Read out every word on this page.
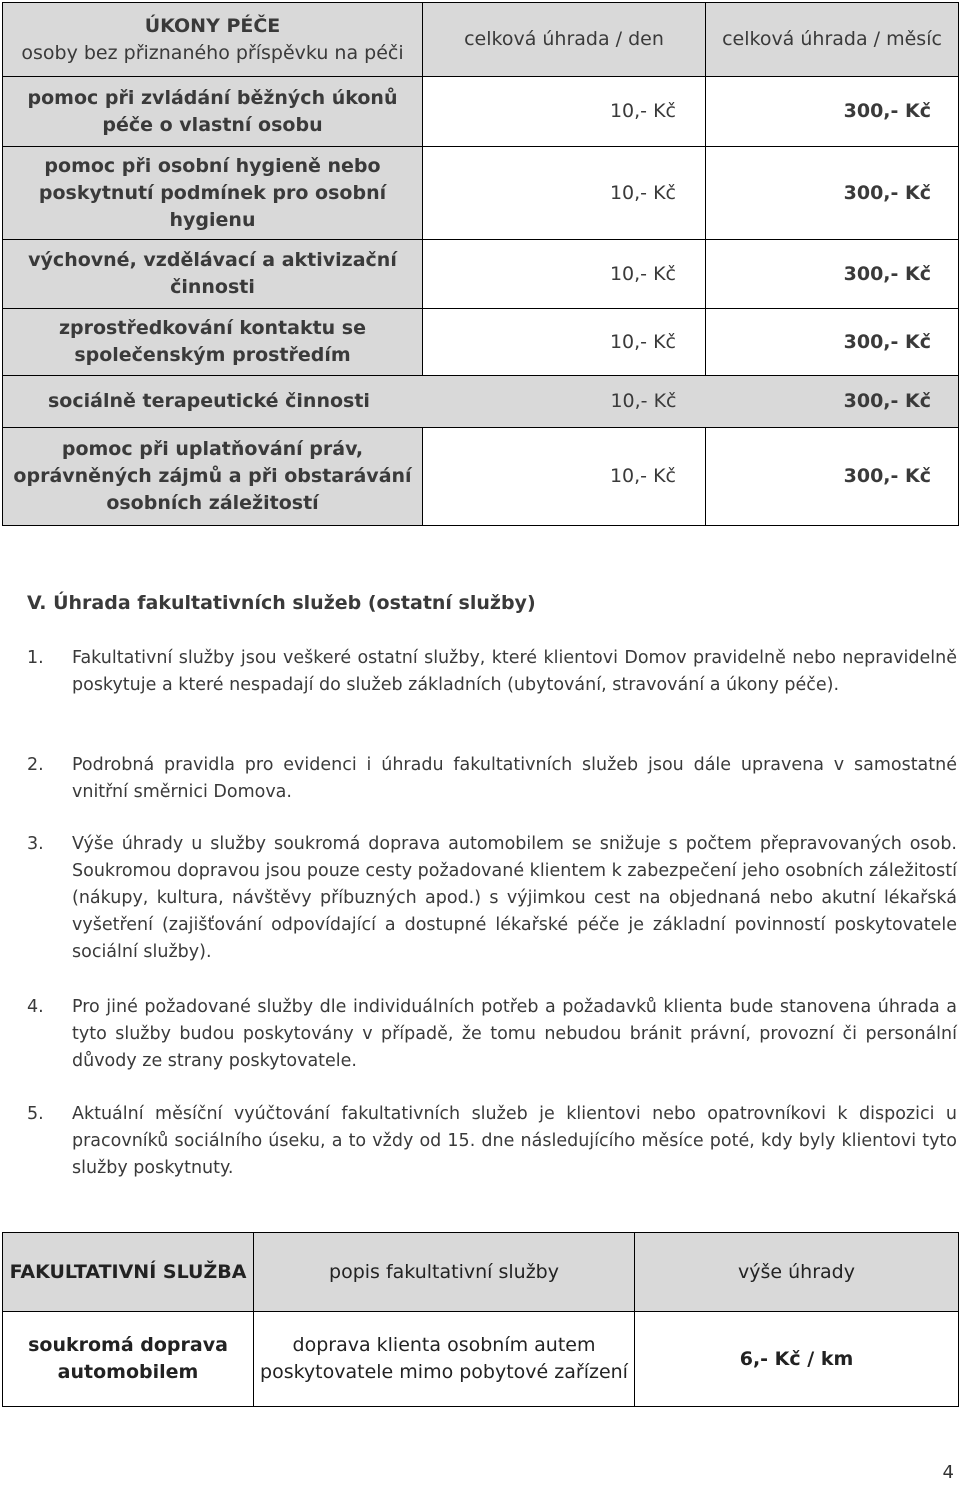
ÚKONY PÉČE
osoby bez přiznaného příspěvku na péči	celková úhrada / den	celková úhrada / měsíc
pomoc při zvládání běžných úkonů péče o vlastní osobu	10,- Kč	300,- Kč
pomoc při osobní hygieně nebo poskytnutí podmínek pro osobní hygienu	10,- Kč	300,- Kč
výchovné, vzdělávací a aktivizační činnosti	10,- Kč	300,- Kč
zprostředkování kontaktu se společenským prostředím	10,- Kč	300,- Kč
sociálně terapeutické činnosti	10,- Kč	300,- Kč
pomoc při uplatňování práv, oprávněných zájmů a při obstarávání osobních záležitostí	10,- Kč	300,- Kč
V. Úhrada fakultativních služeb (ostatní služby)
1.	Fakultativní služby jsou veškeré ostatní služby, které klientovi Domov pravidelně nebo nepravidelně poskytuje a které nespadají do služeb základních (ubytování, stravování a úkony péče).
2.	Podrobná pravidla pro evidenci i úhradu fakultativních služeb jsou dále upravena v samostatné vnitřní směrnici Domova.
3.	Výše úhrady u služby soukromá doprava automobilem se snižuje s počtem přepravovaných osob. Soukromou dopravou jsou pouze cesty požadované klientem k zabezpečení jeho osobních záležitostí (nákupy, kultura, návštěvy příbuzných apod.) s výjimkou cest na objednaná nebo akutní lékařská vyšetření (zajišťování odpovídající a dostupné lékařské péče je základní povinností poskytovatele sociální služby).
4.	Pro jiné požadované služby dle individuálních potřeb a požadavků klienta bude stanovena úhrada a tyto služby budou poskytovány v případě, že tomu nebudou bránit právní, provozní či personální důvody ze strany poskytovatele.
5.	Aktuální měsíční vyúčtování fakultativních služeb je klientovi nebo opatrovníkovi k dispozici u pracovníků sociálního úseku, a to vždy od 15. dne následujícího měsíce poté, kdy byly klientovi tyto služby poskytnuty.
FAKULTATIVNÍ SLUŽBA	popis fakultativní služby	výše úhrady
soukromá doprava automobilem	doprava klienta osobním autem poskytovatele mimo pobytové zařízení	6,- Kč / km
4
